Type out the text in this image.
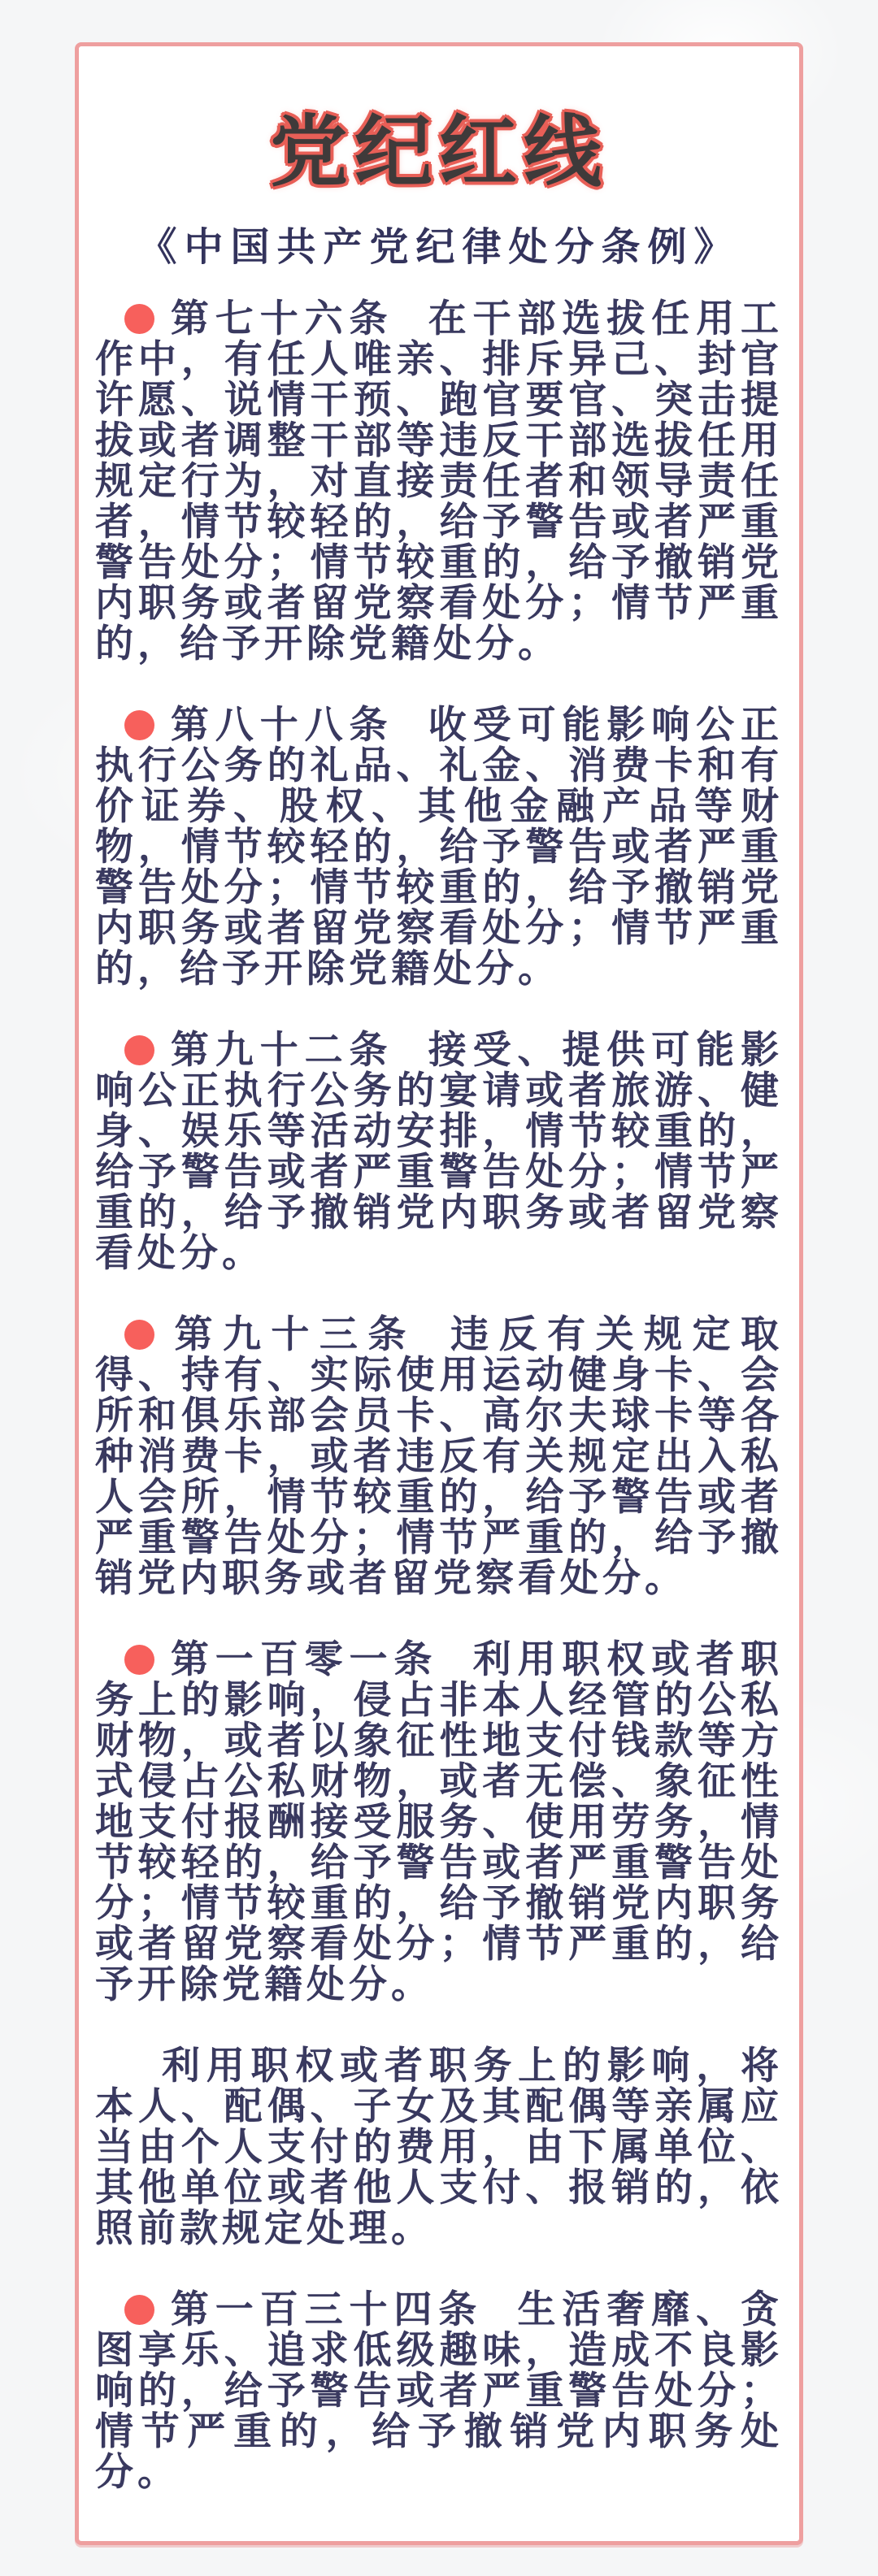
党纪红线
《中国共产党纪律处分条例》

第七十六条 在干部选拔任用工作中，有任人唯亲、排斥异己、封官许愿、说情干预、跑官要官、突击提拔或者调整干部等违反干部选拔任用规定行为，对直接责任者和领导责任者，情节较轻的，给予警告或者严重警告处分；情节较重的，给予撤销党内职务或者留党察看处分；情节严重的，给予开除党籍处分。

第八十八条 收受可能影响公正执行公务的礼品、礼金、消费卡和有价证券、股权、其他金融产品等财物，情节较轻的，给予警告或者严重警告处分；情节较重的，给予撤销党内职务或者留党察看处分；情节严重的，给予开除党籍处分。

第九十二条 接受、提供可能影响公正执行公务的宴请或者旅游、健身、娱乐等活动安排，情节较重的，给予警告或者严重警告处分；情节严重的，给予撤销党内职务或者留党察看处分。

第九十三条 违反有关规定取得、持有、实际使用运动健身卡、会所和俱乐部会员卡、高尔夫球卡等各种消费卡，或者违反有关规定出入私人会所，情节较重的，给予警告或者严重警告处分；情节严重的，给予撤销党内职务或者留党察看处分。

第一百零一条 利用职权或者职务上的影响，侵占非本人经管的公私财物，或者以象征性地支付钱款等方式侵占公私财物，或者无偿、象征性地支付报酬接受服务、使用劳务，情节较轻的，给予警告或者严重警告处分；情节较重的，给予撤销党内职务或者留党察看处分；情节严重的，给予开除党籍处分。

利用职权或者职务上的影响，将本人、配偶、子女及其配偶等亲属应当由个人支付的费用，由下属单位、其他单位或者他人支付、报销的，依照前款规定处理。

第一百三十四条 生活奢靡、贪图享乐、追求低级趣味，造成不良影响的，给予警告或者严重警告处分；情节严重的，给予撤销党内职务处分。
